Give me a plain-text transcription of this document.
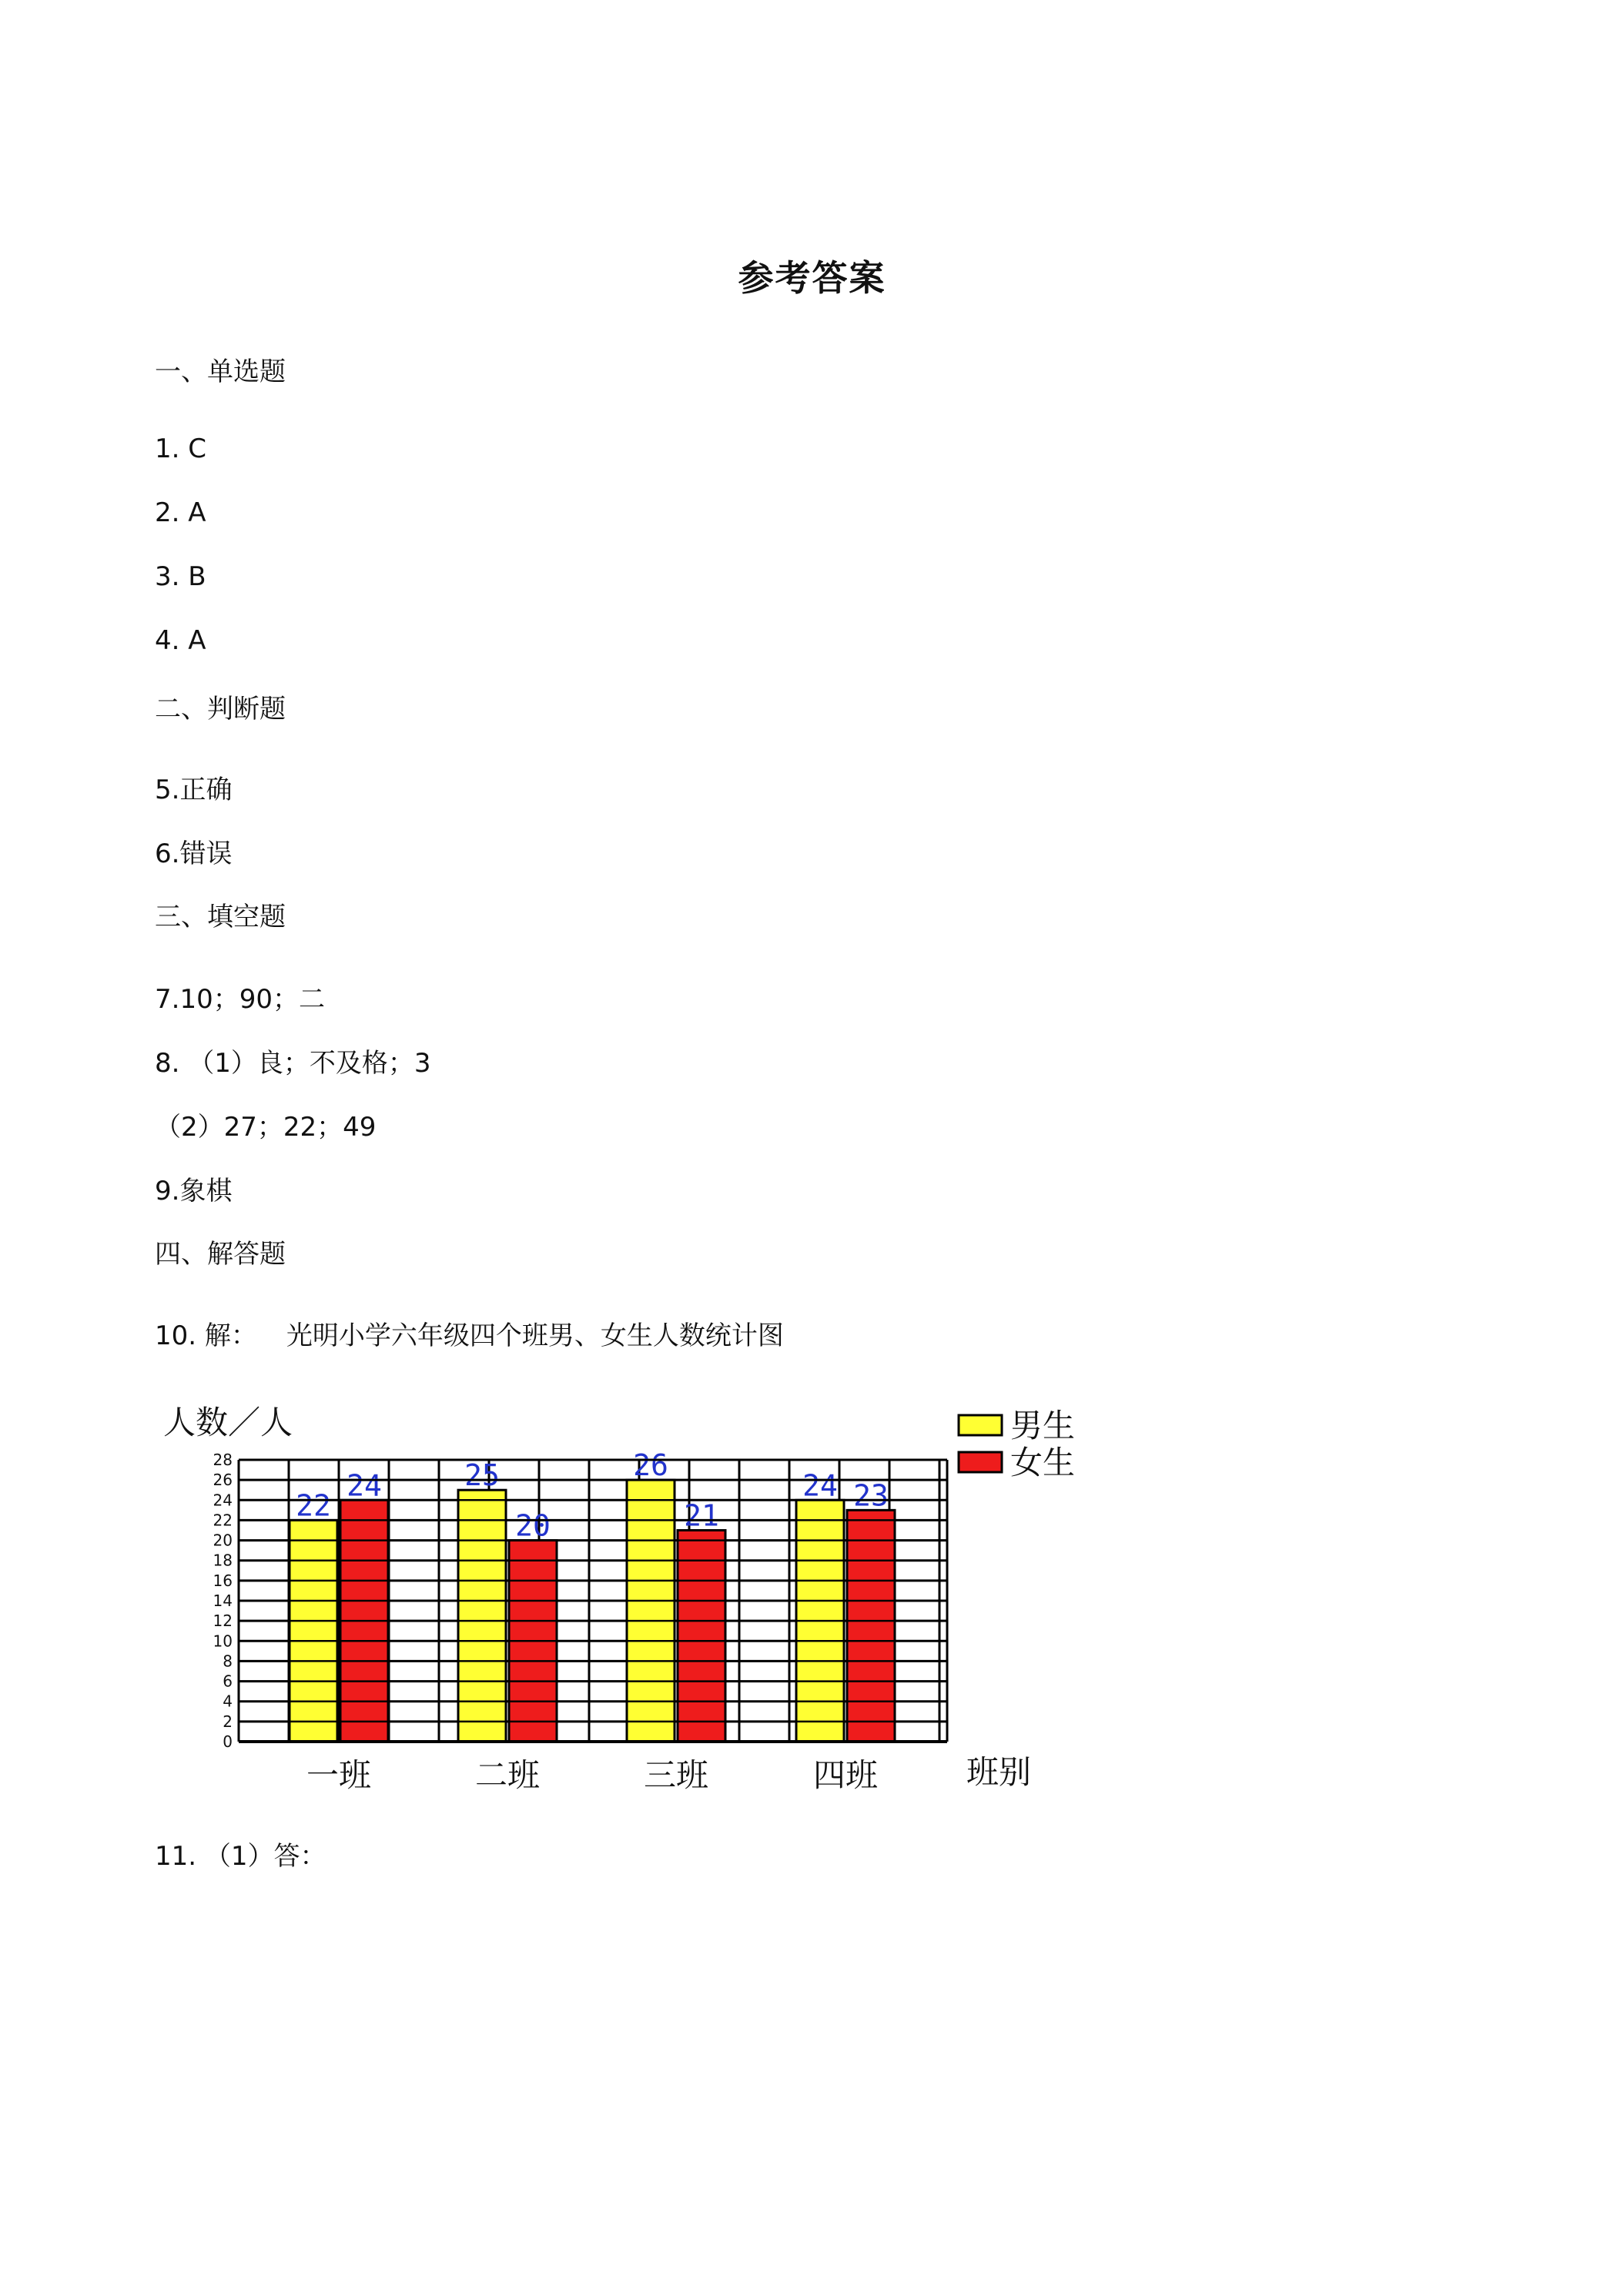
参考答案
一、单选题
1. C
2. A
3. B
4. A
二、判断题
5.正确
6.错误
三、填空题
7.10；90；二
8. （1）良；不及格；3
（2）27；22；49
9.象棋
四、解答题
10. 解： 光明小学六年级四个班男、女生人数统计图
人数／人
班别
22
24	25
20
26
21
24 23
0
2
4
6
8
10
12
14
16
18
20
22
24
26
28
一班	二班	三班	四班
男生
女生
11. （1）答：
